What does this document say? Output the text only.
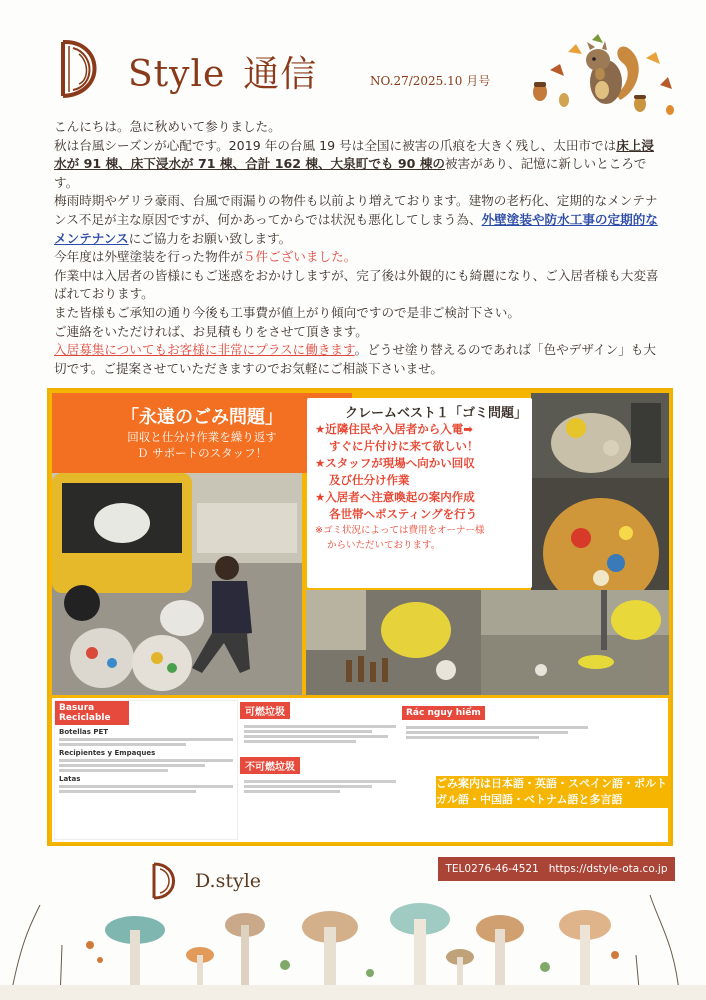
Style 通信	NO.27/2025.10 月号

こんにちは。急に秋めいて参りました。

秋は台風シーズンが心配です。2019 年の台風 19 号は全国に被害の爪痕を大きく残し、太田市では床上浸水が 91 棟、床下浸水が 71 棟、合計 162 棟、大泉町でも 90 棟の被害があり、記憶に新しいところです。

梅雨時期やゲリラ豪雨、台風で雨漏りの物件も以前より増えております。建物の老朽化、定期的なメンテナンス不足が主な原因ですが、何かあってからでは状況も悪化してしまう為、外壁塗装や防水工事の定期的なメンテナンスにご協力をお願い致します。

今年度は外壁塗装を行った物件が５件ございました。

作業中は入居者の皆様にもご迷惑をおかけしますが、完了後は外観的にも綺麗になり、ご入居者様も大変喜ばれております。

また皆様もご承知の通り今後も工事費が値上がり傾向ですので是非ご検討下さい。

ご連絡をいただければ、お見積もりをさせて頂きます。

入居募集についてもお客様に非常にプラスに働きます。どうせ塗り替えるのであれば「色やデザイン」も大切です。ご提案させていただきますのでお気軽にご相談下さいませ。

「永遠のごみ問題」
回収と仕分け作業を繰り返す
Ｄ サポートのスタッフ！
クレームベスト１「ゴミ問題」
★近隣住民や入居者から入電➡
すぐに片付けに来て欲しい！
★スタッフが現場へ向かい回収
及び仕分け作業
★入居者へ注意喚起の案内作成
各世帯へポスティングを行う
※ゴミ状況によっては費用をオーナー様
からいただいております。
Basura Reciclable
Botellas PET
Recipientes y Empaques
Latas
可燃垃圾
不可燃垃圾
Rác nguy hiểm
ごみ案内は日本語・英語・スペイン語・ポルトガル語・中国語・ベトナム語と多言語
D.style
TEL0276-46-4521 https://dstyle-ota.co.jp
